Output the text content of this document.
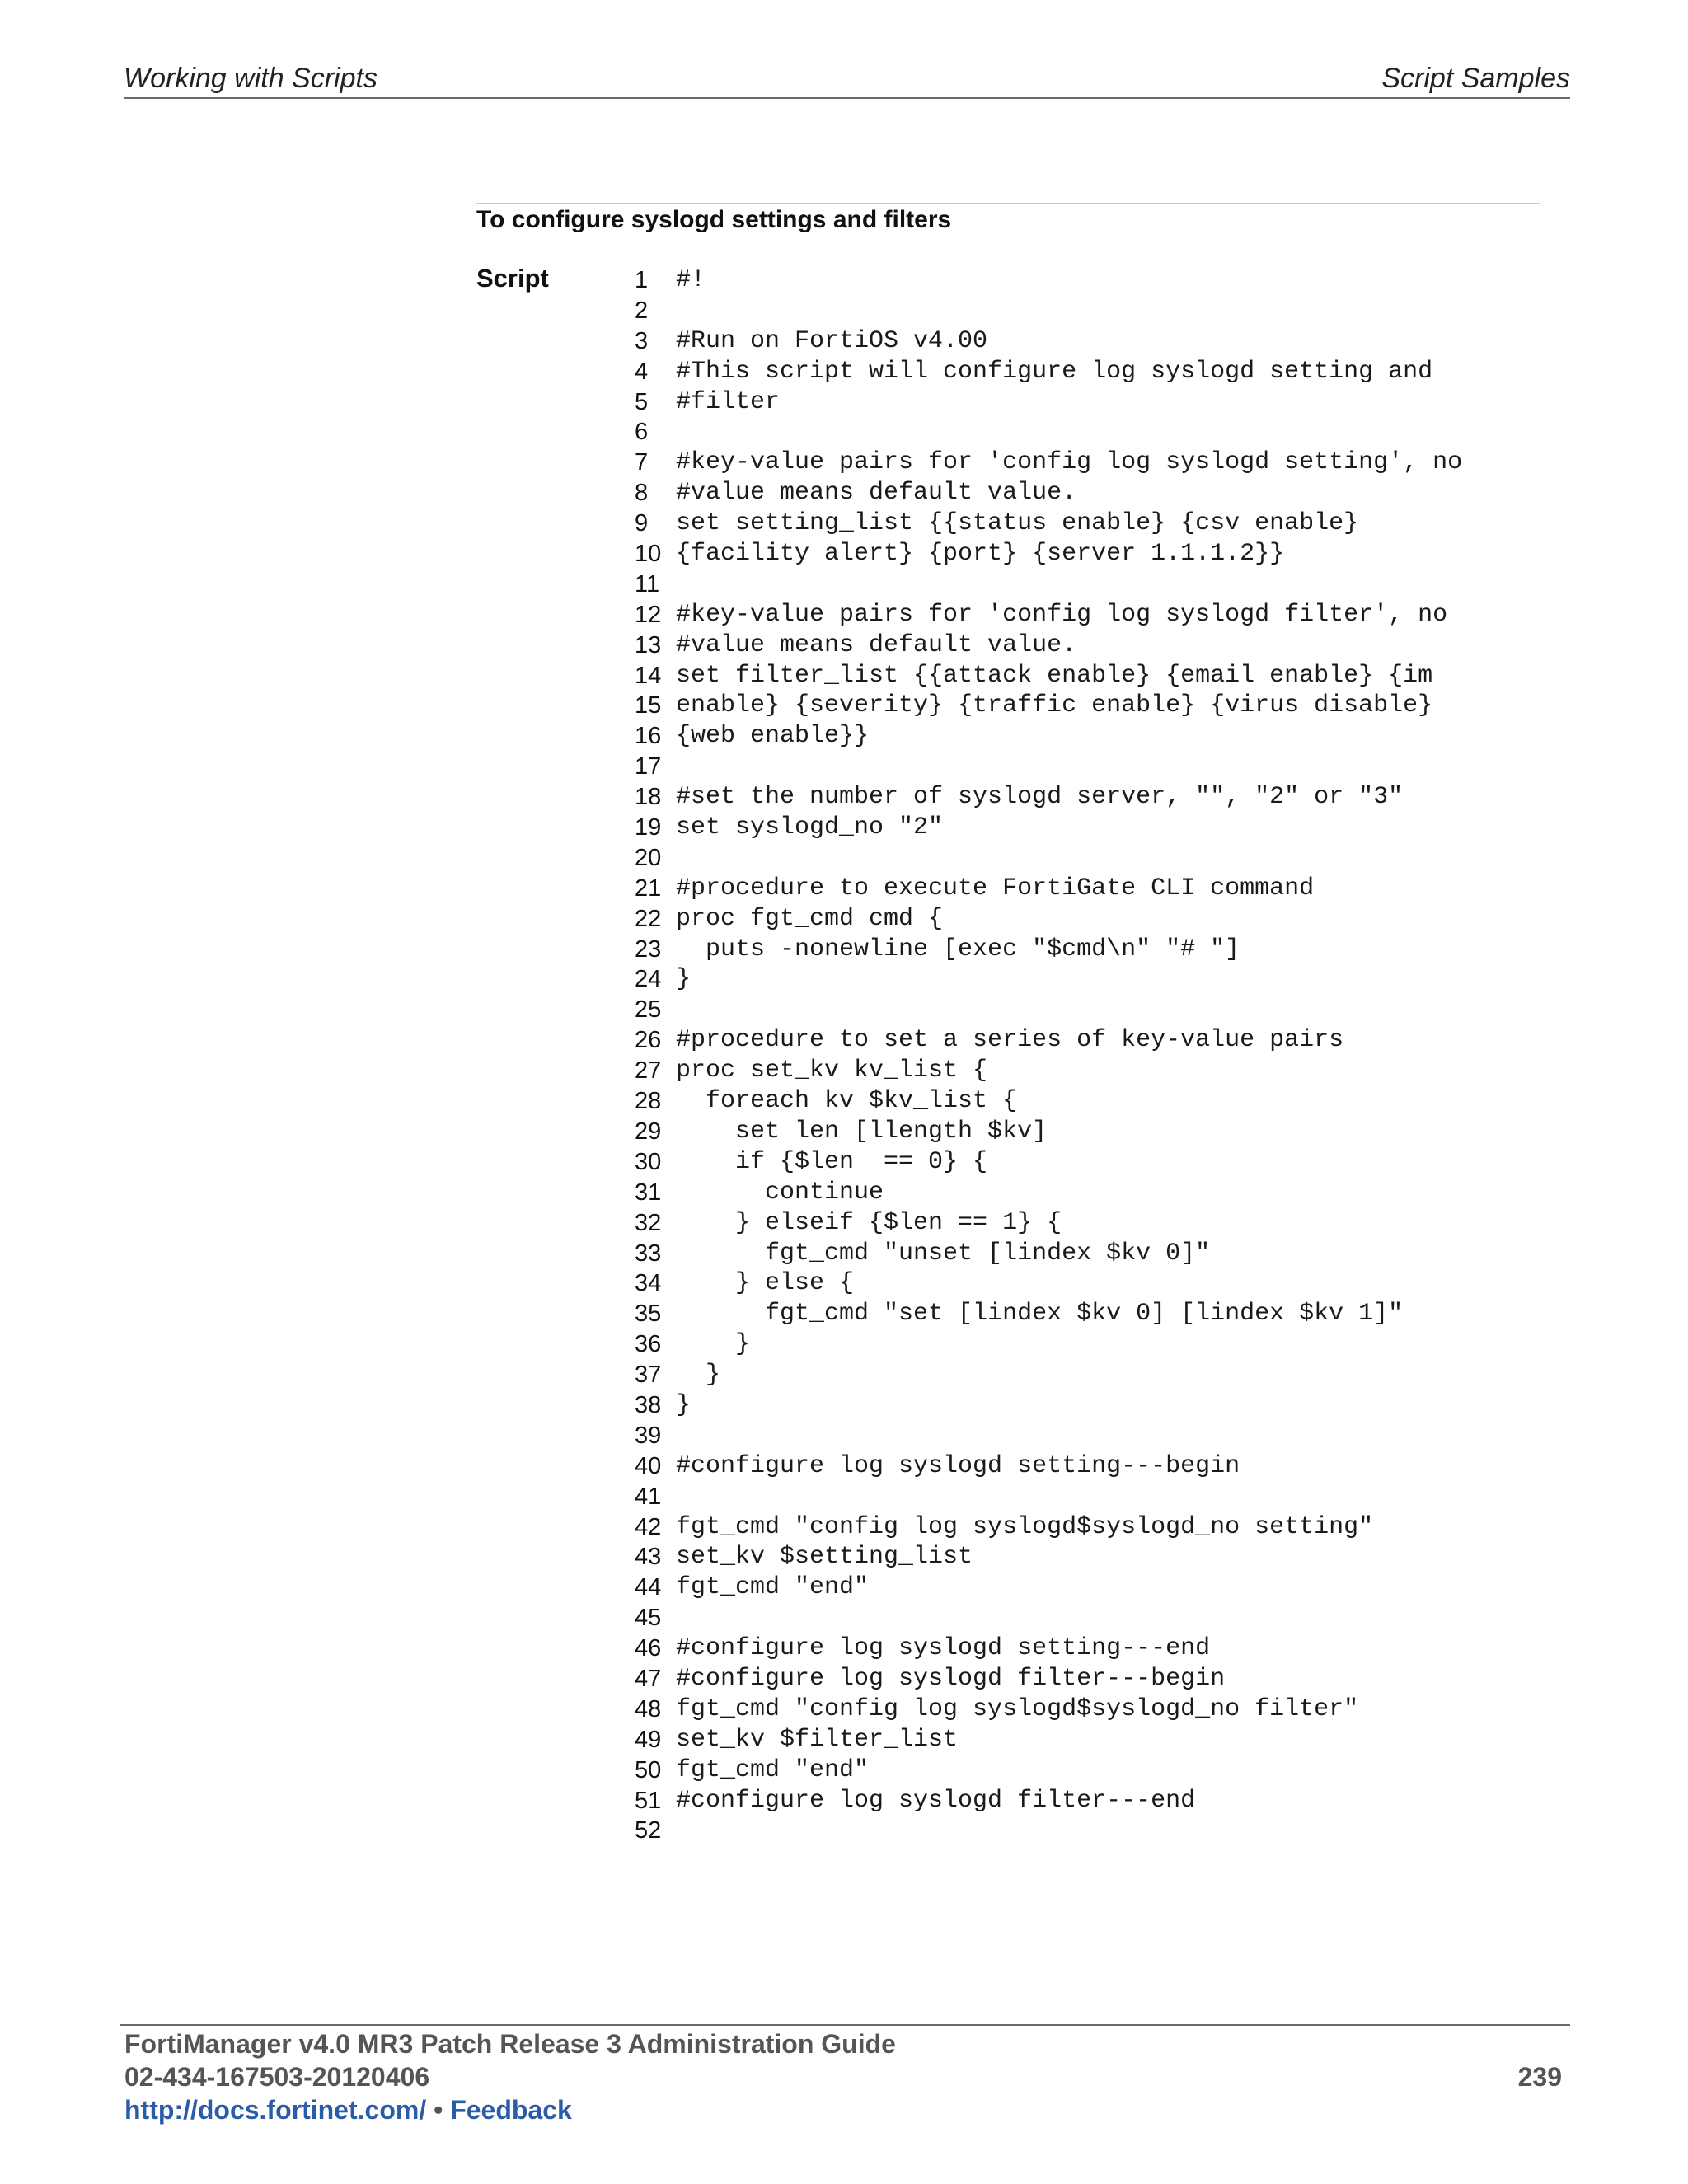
Working with Scripts	Script Samples
To configure syslogd settings and filters
Script	1	#!
2
3	#Run on FortiOS v4.00
4	#This script will configure log syslogd setting and
5	#filter
6
7	#key-value pairs for 'config log syslogd setting', no
8	#value means default value.
9	set setting_list {{status enable} {csv enable}
10 {facility alert} {port} {server 1.1.1.2}}
11
12 #key-value pairs for 'config log syslogd filter', no
13 #value means default value.
14 set filter_list {{attack enable} {email enable} {im
15 enable} {severity} {traffic enable} {virus disable}
16 {web enable}}
17
18 #set the number of syslogd server, "", "2" or "3"
19 set syslogd_no "2"
20
21 #procedure to execute FortiGate CLI command
22 proc fgt_cmd cmd {
23 puts -nonewline [exec "$cmd\n" "# "]
24 }
25
26 #procedure to set a series of key-value pairs
27 proc set_kv kv_list {
28 foreach kv $kv_list {
29 set len [llength $kv]
30 if {$len  == 0} {
31 continue
32 } elseif {$len == 1} {
33 fgt_cmd "unset [lindex $kv 0]"
34 } else {
35 fgt_cmd "set [lindex $kv 0] [lindex $kv 1]"
36 }
37 }
38 }
39
40 #configure log syslogd setting---begin
41
42 fgt_cmd "config log syslogd$syslogd_no setting"
43 set_kv $setting_list
44 fgt_cmd "end"
45
46 #configure log syslogd setting---end
47 #configure log syslogd filter---begin
48 fgt_cmd "config log syslogd$syslogd_no filter"
49 set_kv $filter_list
50 fgt_cmd "end"
51 #configure log syslogd filter---end
52
FortiManager v4.0 MR3 Patch Release 3 Administration Guide
02-434-167503-20120406
http://docs.fortinet.com/ • Feedback
239
